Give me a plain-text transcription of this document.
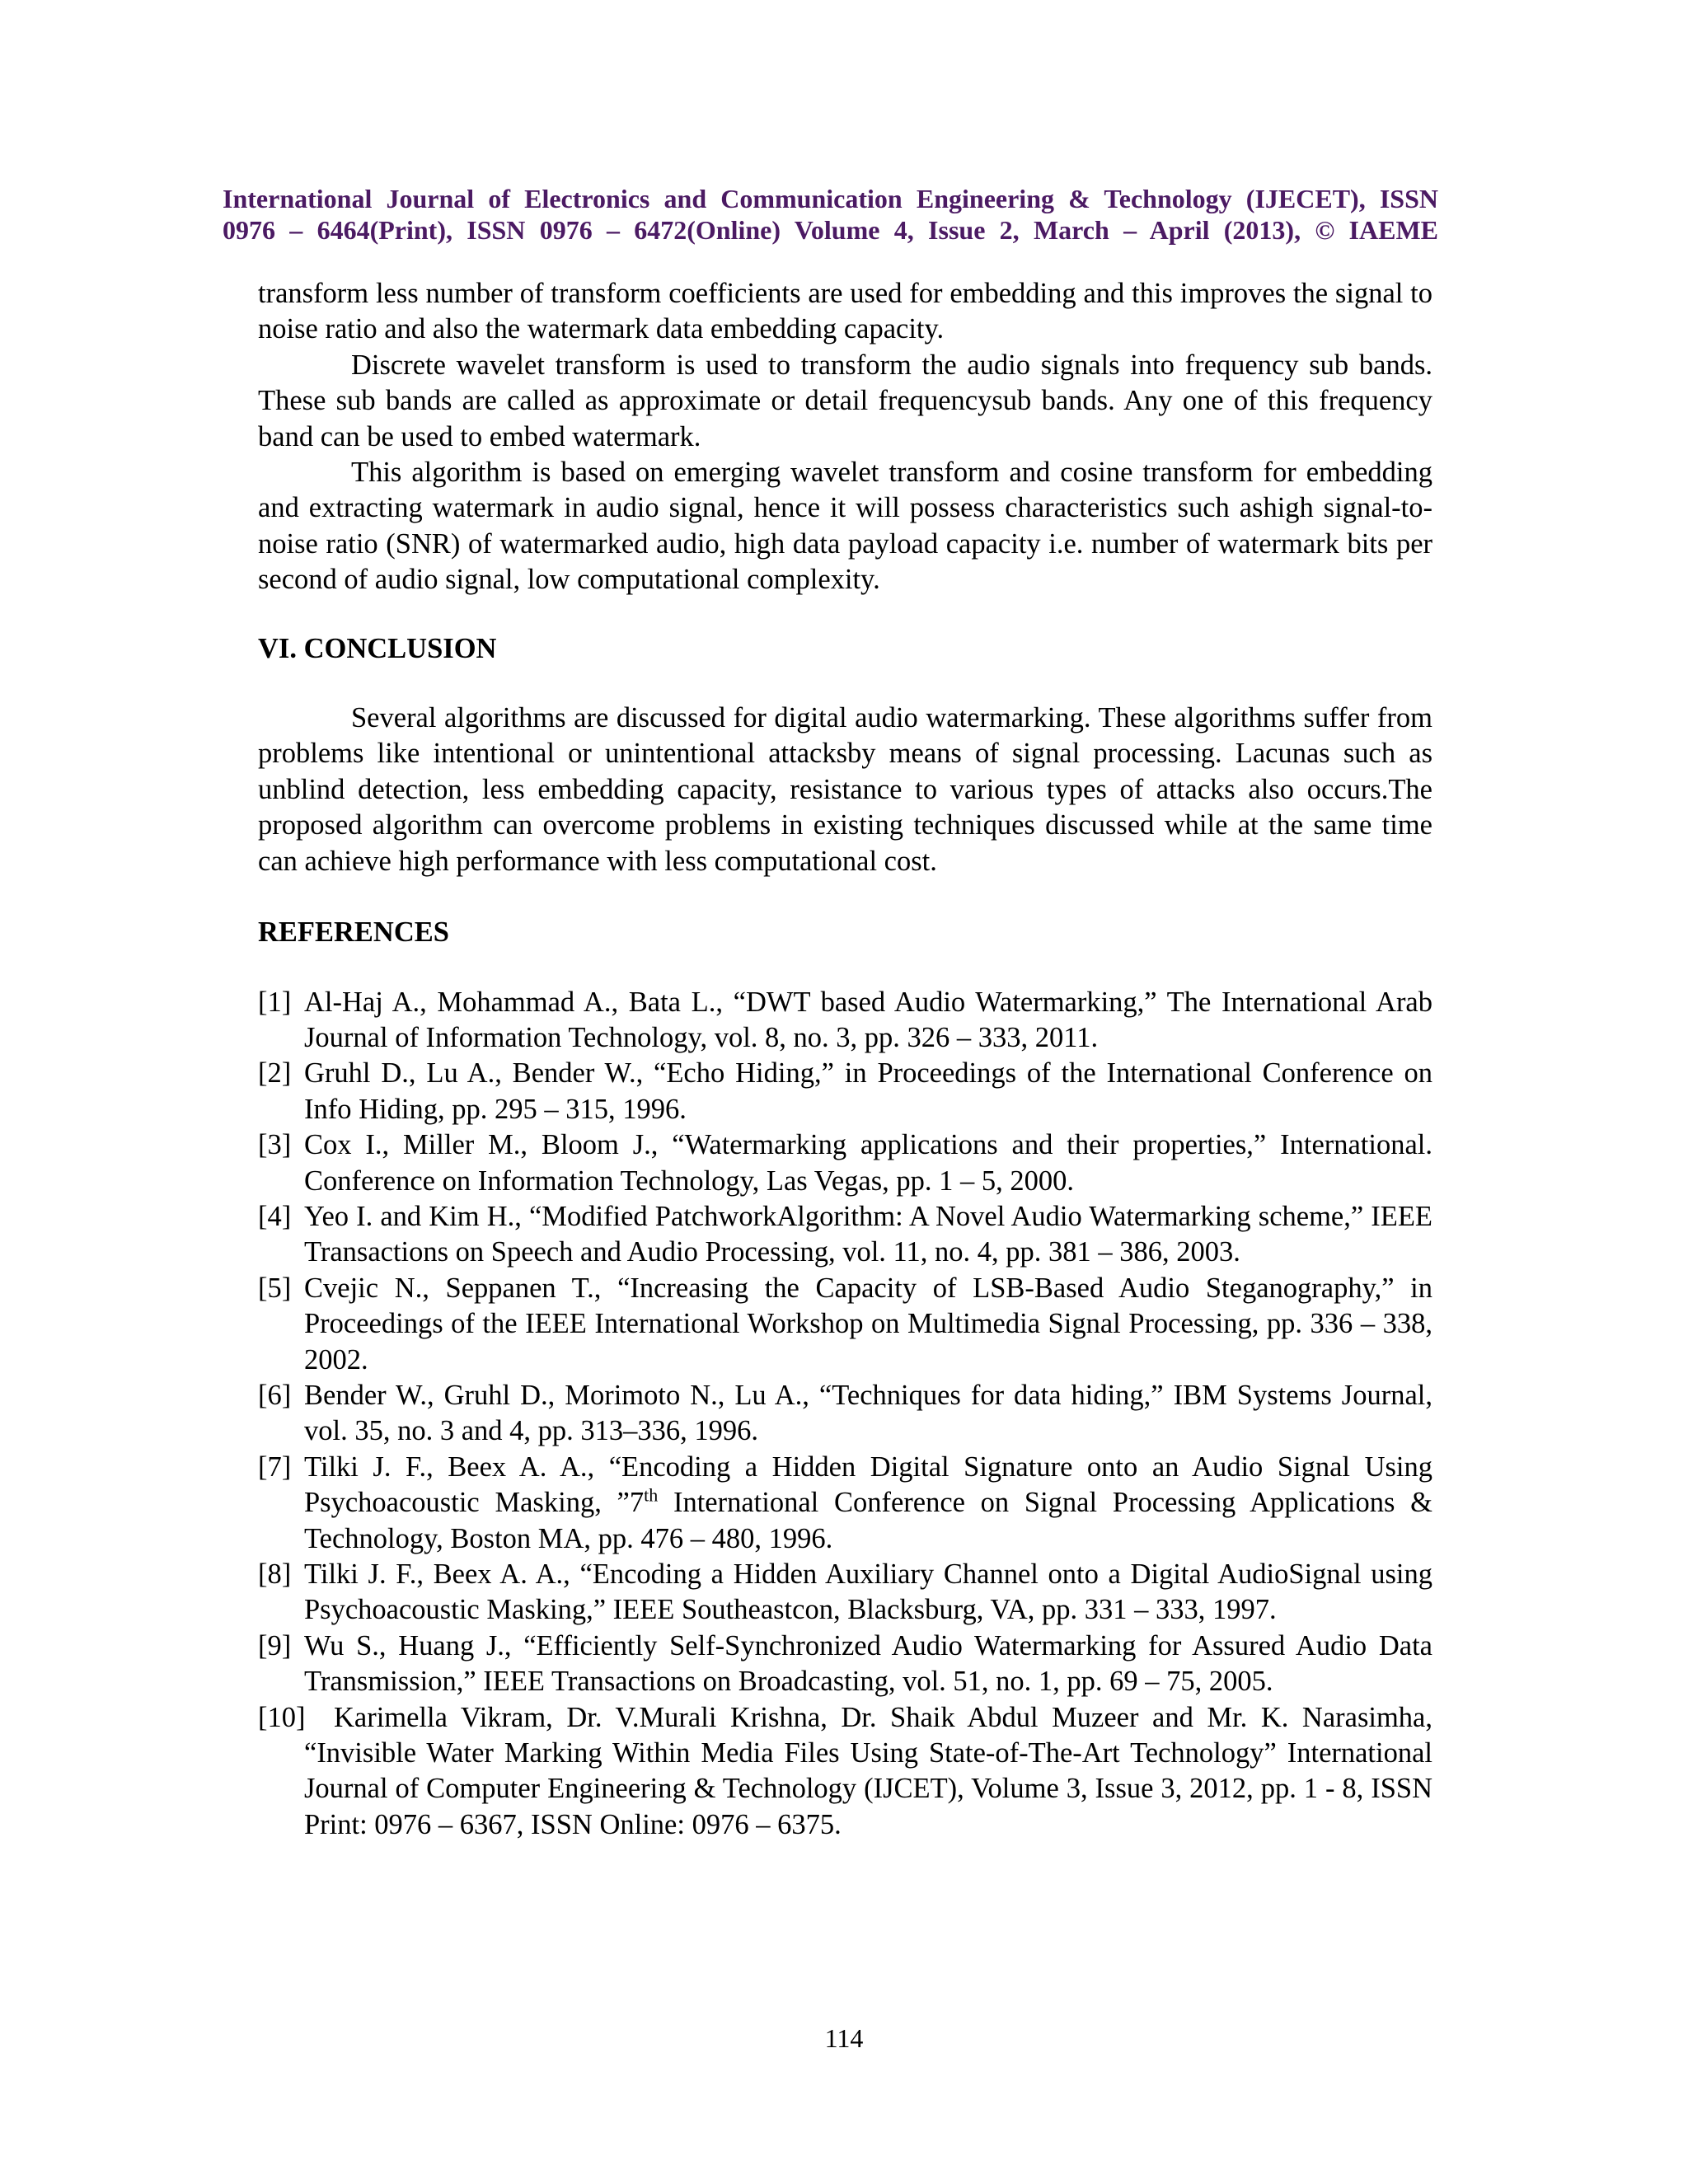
International Journal of Electronics and Communication Engineering & Technology (IJECET), ISSN
0976 – 6464(Print), ISSN 0976 – 6472(Online) Volume 4, Issue 2, March – April (2013), © IAEME

transform less number of transform coefficients are used for embedding and this improves the signal to noise ratio and also the watermark data embedding capacity.

Discrete wavelet transform is used to transform the audio signals into frequency sub bands. These sub bands are called as approximate or detail frequencysub bands. Any one of this frequency band can be used to embed watermark.

This algorithm is based on emerging wavelet transform and cosine transform for embedding and extracting watermark in audio signal, hence it will possess characteristics such ashigh signal-to-noise ratio (SNR) of watermarked audio, high data payload capacity i.e. number of watermark bits per second of audio signal, low computational complexity.

VI. CONCLUSION

Several algorithms are discussed for digital audio watermarking. These algorithms suffer from problems like intentional or unintentional attacksby means of signal processing. Lacunas such as unblind detection, less embedding capacity, resistance to various types of attacks also occurs.The proposed algorithm can overcome problems in existing techniques discussed while at the same time can achieve high performance with less computational cost.

REFERENCES
[1] Al-Haj A., Mohammad A., Bata L., “DWT based Audio Watermarking,” The International Arab Journal of Information Technology, vol. 8, no. 3, pp. 326 – 333, 2011.
[2] Gruhl D., Lu A., Bender W., “Echo Hiding,” in Proceedings of the International Conference on Info Hiding, pp. 295 – 315, 1996.
[3] Cox I., Miller M., Bloom J., “Watermarking applications and their properties,” International. Conference on Information Technology, Las Vegas, pp. 1 – 5, 2000.
[4] Yeo I. and Kim H., “Modified PatchworkAlgorithm: A Novel Audio Watermarking scheme,” IEEE Transactions on Speech and Audio Processing, vol. 11, no. 4, pp. 381 – 386, 2003.
[5] Cvejic N., Seppanen T., “Increasing the Capacity of LSB-Based Audio Steganography,” in Proceedings of the IEEE International Workshop on Multimedia Signal Processing, pp. 336 – 338, 2002.
[6] Bender W., Gruhl D., Morimoto N., Lu A., “Techniques for data hiding,” IBM Systems Journal, vol. 35, no. 3 and 4, pp. 313–336, 1996.
[7] Tilki J. F., Beex A. A., “Encoding a Hidden Digital Signature onto an Audio Signal Using Psychoacoustic Masking, ”7th International Conference on Signal Processing Applications & Technology, Boston MA, pp. 476 – 480, 1996.
[8] Tilki J. F., Beex A. A., “Encoding a Hidden Auxiliary Channel onto a Digital AudioSignal using Psychoacoustic Masking,” IEEE Southeastcon, Blacksburg, VA, pp. 331 – 333, 1997.
[9] Wu S., Huang J., “Efficiently Self-Synchronized Audio Watermarking for Assured Audio Data Transmission,” IEEE Transactions on Broadcasting, vol. 51, no. 1, pp. 69 – 75, 2005.
[10]   Karimella Vikram, Dr. V.Murali Krishna, Dr. Shaik Abdul Muzeer and Mr. K. Narasimha, “Invisible Water Marking Within Media Files Using State-of-The-Art Technology” International Journal of Computer Engineering & Technology (IJCET), Volume 3, Issue 3, 2012, pp. 1 - 8, ISSN Print: 0976 – 6367, ISSN Online: 0976 – 6375.
114
